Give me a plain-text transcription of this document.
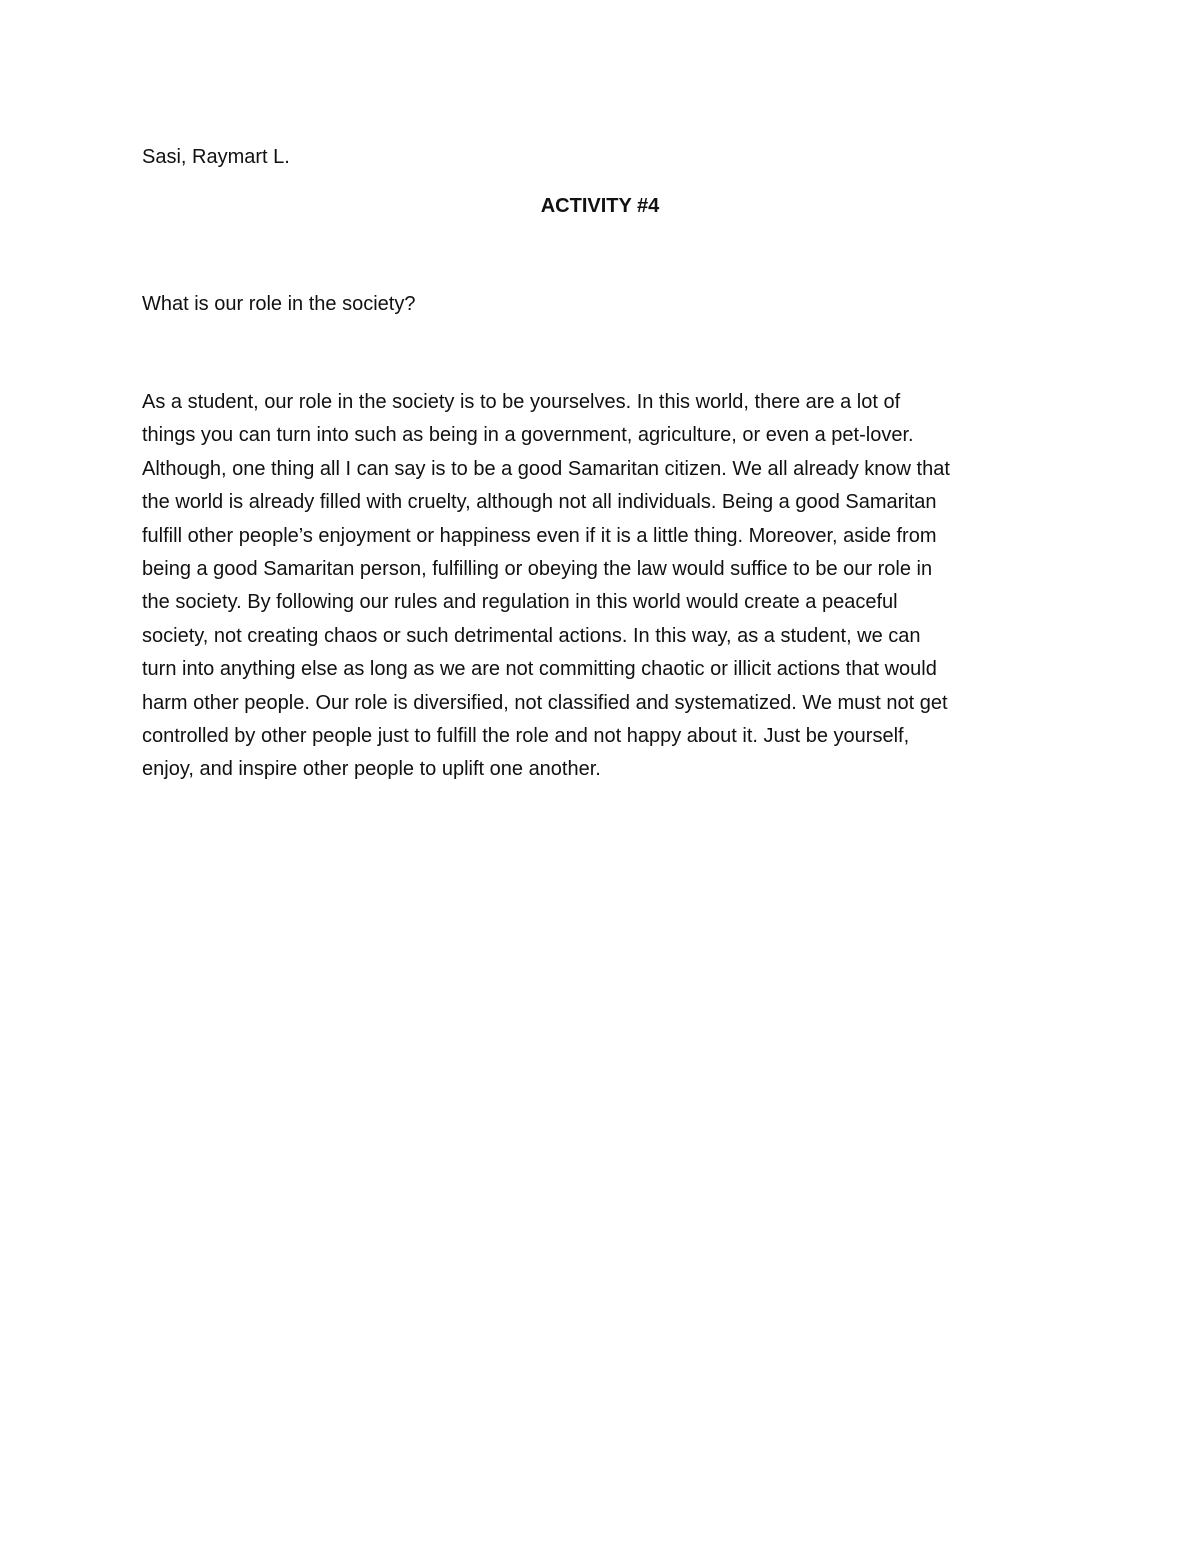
Sasi, Raymart L.

ACTIVITY #4

What is our role in the society?

As a student, our role in the society is to be yourselves. In this world, there are a lot of
things you can turn into such as being in a government, agriculture, or even a pet-lover.
Although, one thing all I can say is to be a good Samaritan citizen. We all already know that
the world is already filled with cruelty, although not all individuals. Being a good Samaritan
fulfill other people’s enjoyment or happiness even if it is a little thing. Moreover, aside from
being a good Samaritan person, fulfilling or obeying the law would suffice to be our role in
the society. By following our rules and regulation in this world would create a peaceful
society, not creating chaos or such detrimental actions. In this way, as a student, we can
turn into anything else as long as we are not committing chaotic or illicit actions that would
harm other people. Our role is diversified, not classified and systematized. We must not get
controlled by other people just to fulfill the role and not happy about it. Just be yourself,
enjoy, and inspire other people to uplift one another.
